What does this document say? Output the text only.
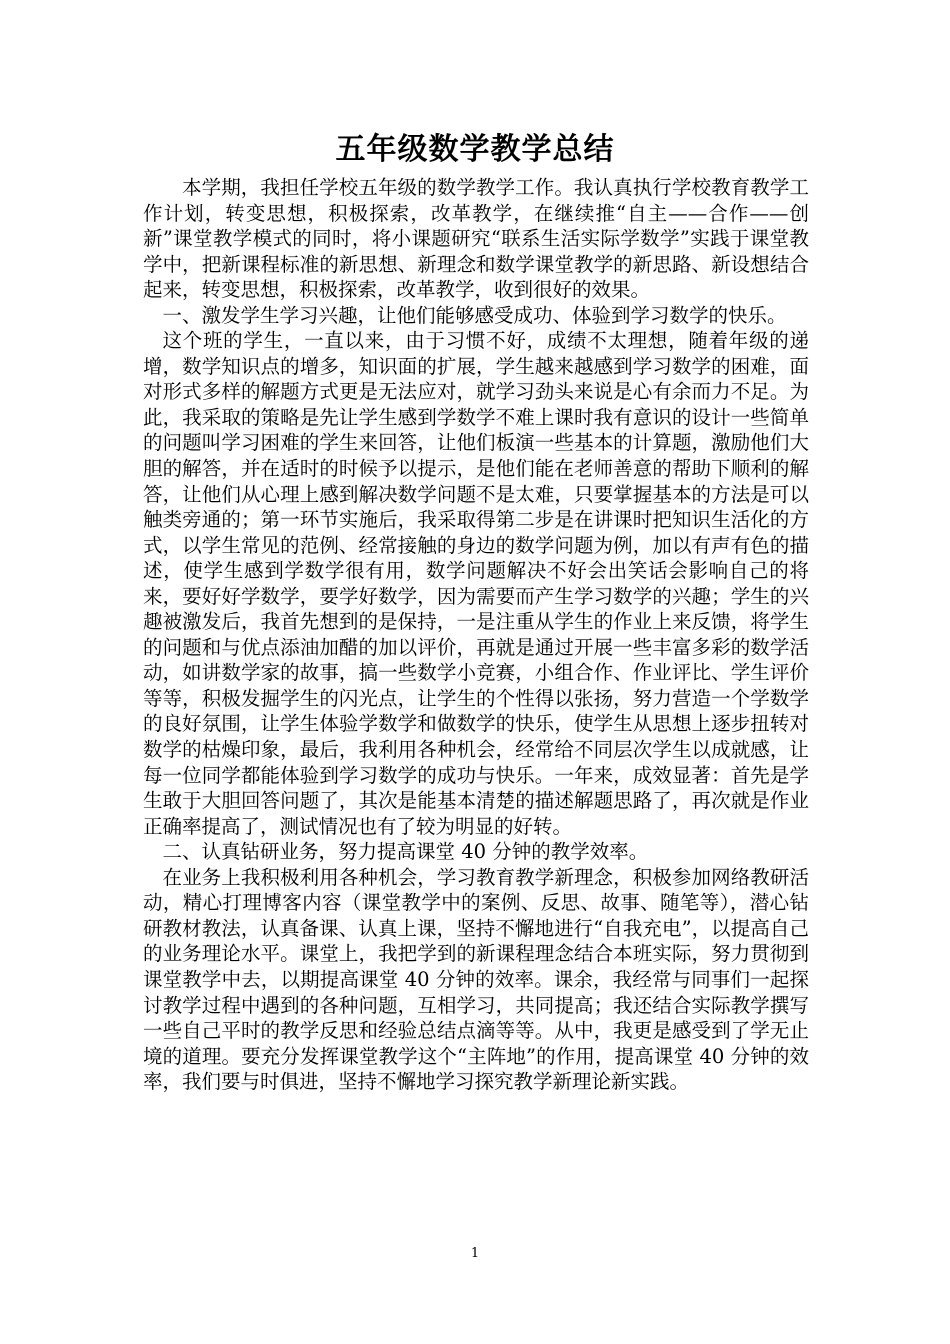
五年级数学教学总结

本学期，我担任学校五年级的数学教学工作。我认真执行学校教育教学工作计划，转变思想，积极探索，改革教学，在继续推“自主——合作——创新”课堂教学模式的同时，将小课题研究“联系生活实际学数学”实践于课堂教学中，把新课程标准的新思想、新理念和数学课堂教学的新思路、新设想结合起来，转变思想，积极探索，改革教学，收到很好的效果。

一、激发学生学习兴趣，让他们能够感受成功、体验到学习数学的快乐。

这个班的学生，一直以来，由于习惯不好，成绩不太理想，随着年级的递增，数学知识点的增多，知识面的扩展，学生越来越感到学习数学的困难，面对形式多样的解题方式更是无法应对，就学习劲头来说是心有余而力不足。为此，我采取的策略是先让学生感到学数学不难上课时我有意识的设计一些简单的问题叫学习困难的学生来回答，让他们板演一些基本的计算题，激励他们大胆的解答，并在适时的时候予以提示，是他们能在老师善意的帮助下顺利的解答，让他们从心理上感到解决数学问题不是太难，只要掌握基本的方法是可以触类旁通的；第一环节实施后，我采取得第二步是在讲课时把知识生活化的方式，以学生常见的范例、经常接触的身边的数学问题为例，加以有声有色的描述，使学生感到学数学很有用，数学问题解决不好会出笑话会影响自己的将来，要好好学数学，要学好数学，因为需要而产生学习数学的兴趣；学生的兴趣被激发后，我首先想到的是保持，一是注重从学生的作业上来反馈，将学生的问题和与优点添油加醋的加以评价，再就是通过开展一些丰富多彩的数学活动，如讲数学家的故事，搞一些数学小竞赛，小组合作、作业评比、学生评价等等，积极发掘学生的闪光点，让学生的个性得以张扬，努力营造一个学数学的良好氛围，让学生体验学数学和做数学的快乐，使学生从思想上逐步扭转对数学的枯燥印象，最后，我利用各种机会，经常给不同层次学生以成就感，让每一位同学都能体验到学习数学的成功与快乐。一年来，成效显著：首先是学生敢于大胆回答问题了，其次是能基本清楚的描述解题思路了，再次就是作业正确率提高了，测试情况也有了较为明显的好转。

二、认真钻研业务，努力提高课堂 40 分钟的教学效率。

在业务上我积极利用各种机会，学习教育教学新理念，积极参加网络教研活动，精心打理博客内容（课堂教学中的案例、反思、故事、随笔等），潜心钻研教材教法，认真备课、认真上课，坚持不懈地进行“自我充电”，以提高自己的业务理论水平。课堂上，我把学到的新课程理念结合本班实际，努力贯彻到课堂教学中去，以期提高课堂 40 分钟的效率。课余，我经常与同事们一起探讨教学过程中遇到的各种问题，互相学习，共同提高；我还结合实际教学撰写一些自己平时的教学反思和经验总结点滴等等。从中，我更是感受到了学无止境的道理。要充分发挥课堂教学这个“主阵地”的作用，提高课堂 40 分钟的效率，我们要与时俱进，坚持不懈地学习探究教学新理论新实践。

1
